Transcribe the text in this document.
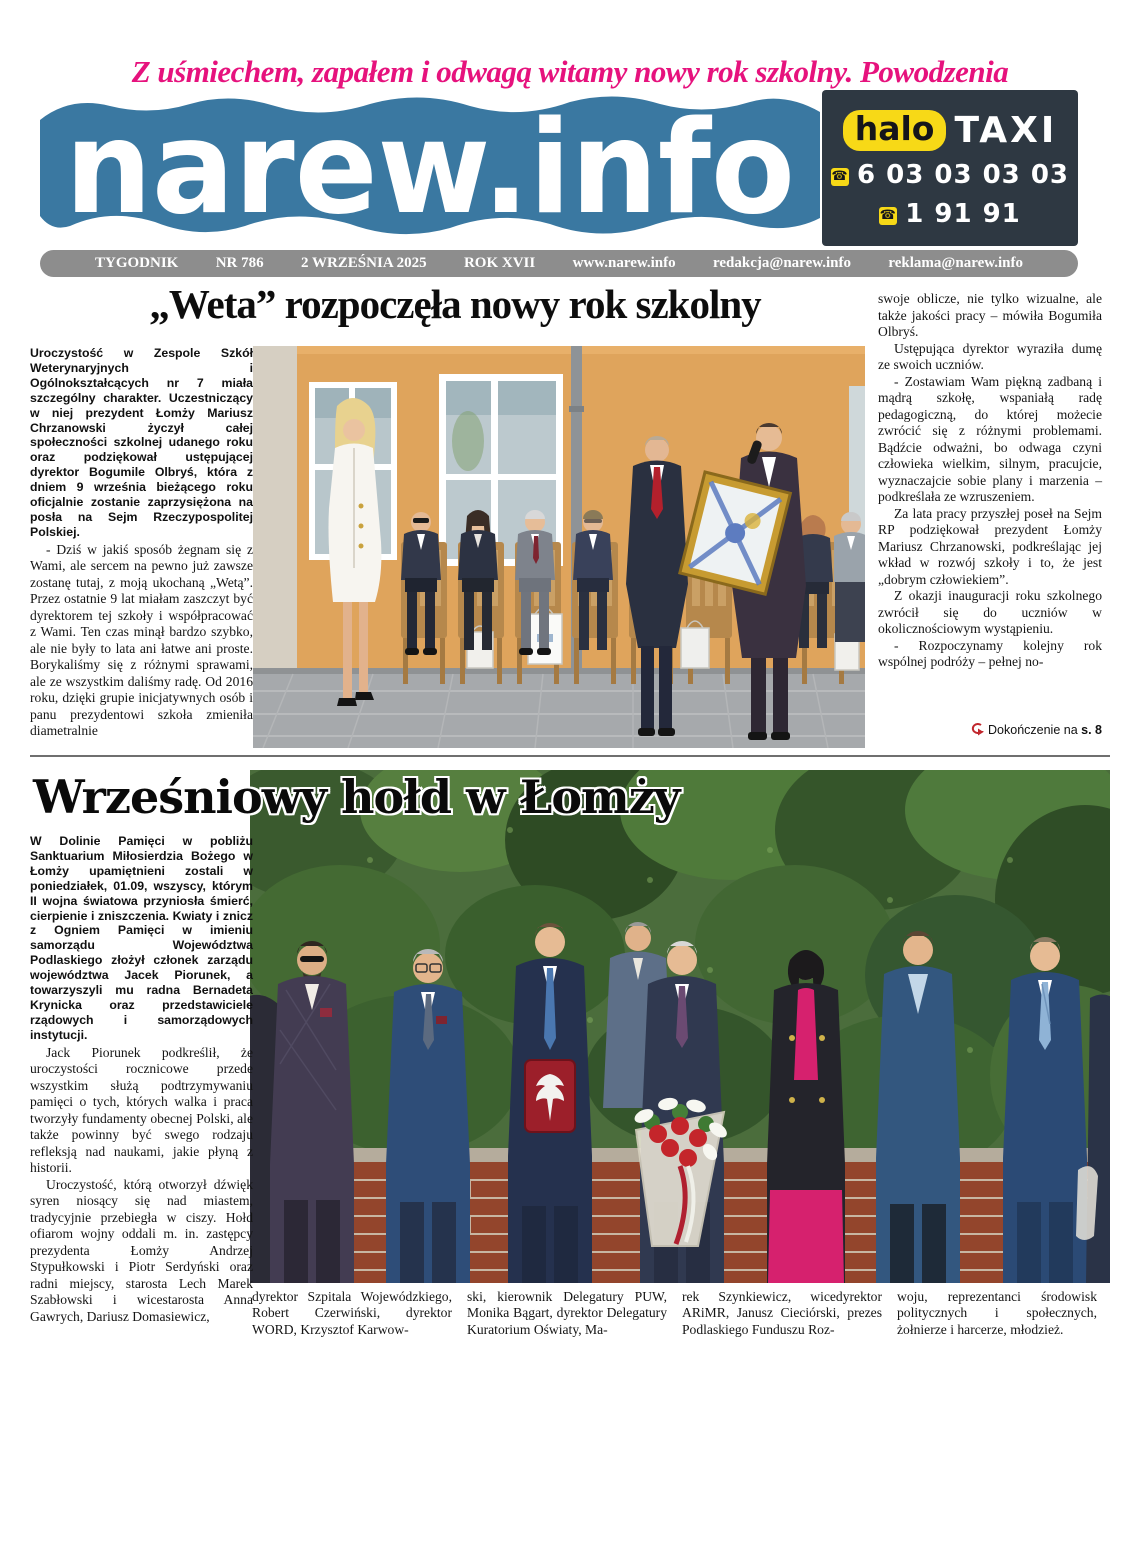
Z uśmiechem, zapałem i odwagą witamy nowy rok szkolny. Powodzenia
narew.info	halo TAXI
☎ 6 03 03 03 03
☎ 1 91 91
TYGODNIK NR 786 2 WRZEŚNIA 2025 ROK XVII www.narew.info redakcja@narew.info reklama@narew.info
„Weta” rozpoczęła nowy rok szkolny

Uroczystość w Zespole Szkół Weterynaryjnych i Ogólnokształcących nr 7 miała szczególny charakter. Uczestniczący w niej prezydent Łomży Mariusz Chrzanowski życzył całej społeczności szkolnej udanego roku oraz podziękował ustępującej dyrektor Bogumile Olbryś, która z dniem 9 września bieżącego roku oficjalnie zostanie zaprzysiężona na posła na Sejm Rzeczypospolitej Polskiej.

- Dziś w jakiś sposób żegnam się z Wami, ale sercem na pewno już zawsze zostanę tutaj, z moją ukochaną „Wetą”. Przez ostatnie 9 lat miałam zaszczyt być dyrektorem tej szkoły i współpracować z Wami. Ten czas minął bardzo szybko, ale nie były to lata ani łatwe ani proste. Borykaliśmy się z różnymi sprawami, ale ze wszystkim daliśmy radę. Od 2016 roku, dzięki grupie inicjatywnych osób i panu prezydentowi szkoła zmieniła diametralnie

swoje oblicze, nie tylko wizualne, ale także jakości pracy – mówiła Bogumiła Olbryś.

Ustępująca dyrektor wyraziła dumę ze swoich uczniów.

- Zostawiam Wam piękną zadbaną i mądrą szkołę, wspaniałą radę pedagogiczną, do której możecie zwrócić się z różnymi problemami. Bądźcie odważni, bo odwaga czyni człowieka wielkim, silnym, pracujcie, wyznaczajcie sobie plany i marzenia – podkreślała ze wzruszeniem.

Za lata pracy przyszłej poseł na Sejm RP podziękował prezydent Łomży Mariusz Chrzanowski, podkreślając jej wkład w rozwój szkoły i to, że jest „dobrym człowiekiem”.

Z okazji inauguracji roku szkolnego zwrócił się do uczniów w okolicznościowym wystąpieniu.

- Rozpoczynamy kolejny rok wspólnej podróży – pełnej no-

Dokończenie na s. 8
Wrześniowy hołd w Łomży

W Dolinie Pamięci w pobliżu Sanktuarium Miłosierdzia Bożego w Łomży upamiętnieni zostali w poniedziałek, 01.09, wszyscy, którym II wojna światowa przyniosła śmierć, cierpienie i zniszczenia. Kwiaty i znicz z Ogniem Pamięci w imieniu samorządu Województwa Podlaskiego złożył członek zarządu województwa Jacek Piorunek, a towarzyszyli mu radna Bernadeta Krynicka oraz przedstawiciele rządowych i samorządowych instytucji.

Jack Piorunek podkreślił, że uroczystości rocznicowe przede wszystkim służą podtrzymywaniu pamięci o tych, których walka i praca tworzyły fundamenty obecnej Polski, ale także powinny być swego rodzaju refleksją nad naukami, jakie płyną z historii.

Uroczystość, którą otworzył dźwięk syren niosący się nad miastem, tradycyjnie przebiegła w ciszy. Hołd ofiarom wojny oddali m. in. zastępcy prezydenta Łomży Andrzej Stypułkowski i Piotr Serdyński oraz radni miejscy, starosta Lech Marek Szabłowski i wicestarosta Anna Gawrych, Dariusz Domasiewicz,

dyrektor Szpitala Wojewódzkiego, Robert Czerwiński, dyrektor WORD, Krzysztof Karwow-
ski, kierownik Delegatury PUW, Monika Bągart, dyrektor Delegatury Kuratorium Oświaty, Ma-
rek Szynkiewicz, wicedyrektor ARiMR, Janusz Cieciórski, prezes Podlaskiego Funduszu Roz-
woju, reprezentanci środowisk politycznych i społecznych, żołnierze i harcerze, młodzież.
